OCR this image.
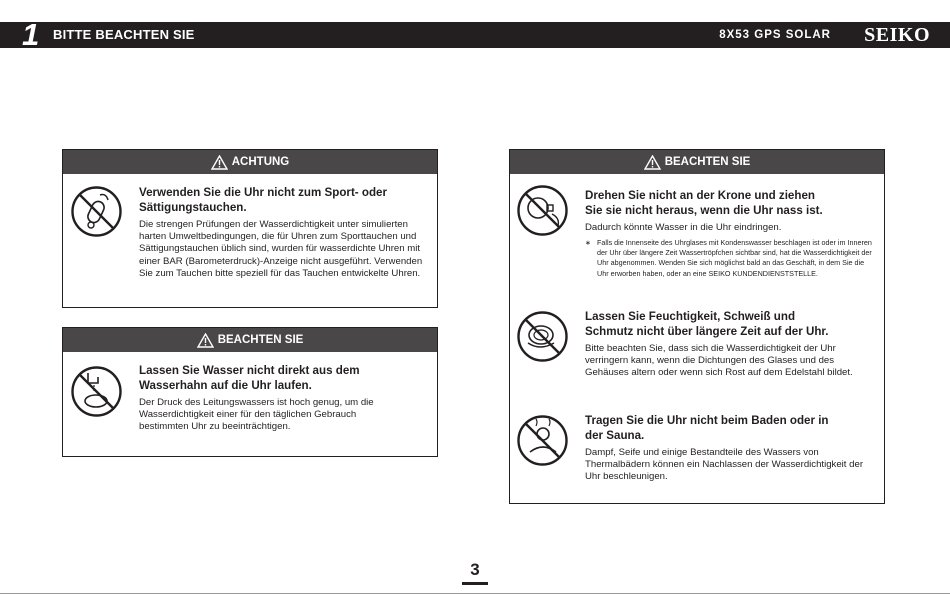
1 BITTE BEACHTEN SIE	8X53 GPS SOLAR SEIKO
ACHTUNG
Verwenden Sie die Uhr nicht zum Sport- oder Sättigungstauchen.
Die strengen Prüfungen der Wasserdichtigkeit unter simulierten harten Umweltbedingungen, die für Uhren zum Sporttauchen und Sättigungstauchen üblich sind, wurden für wasserdichte Uhren mit einer BAR (Barometerdruck)-Anzeige nicht ausgeführt. Verwenden Sie zum Tauchen bitte speziell für das Tauchen entwickelte Uhren.
BEACHTEN SIE
Lassen Sie Wasser nicht direkt aus dem Wasserhahn auf die Uhr laufen.
Der Druck des Leitungswassers ist hoch genug, um die Wasserdichtigkeit einer für den täglichen Gebrauch bestimmten Uhr zu beeinträchtigen.
BEACHTEN SIE
Drehen Sie nicht an der Krone und ziehen Sie sie nicht heraus, wenn die Uhr nass ist.
Dadurch könnte Wasser in die Uhr eindringen.
∗ Falls die Innenseite des Uhrglases mit Kondenswasser beschlagen ist oder im Inneren der Uhr über längere Zeit Wassertröpfchen sichtbar sind, hat die Wasserdichtigkeit der Uhr abgenommen. Wenden Sie sich möglichst bald an das Geschäft, in dem Sie die Uhr erworben haben, oder an eine SEIKO KUNDENDIENSTSTELLE.
Lassen Sie Feuchtigkeit, Schweiß und Schmutz nicht über längere Zeit auf der Uhr.
Bitte beachten Sie, dass sich die Wasserdichtigkeit der Uhr verringern kann, wenn die Dichtungen des Glases und des Gehäuses altern oder wenn sich Rost auf dem Edelstahl bildet.
Tragen Sie die Uhr nicht beim Baden oder in der Sauna.
Dampf, Seife und einige Bestandteile des Wassers von Thermalbädern können ein Nachlassen der Wasserdichtigkeit der Uhr beschleunigen.
3
